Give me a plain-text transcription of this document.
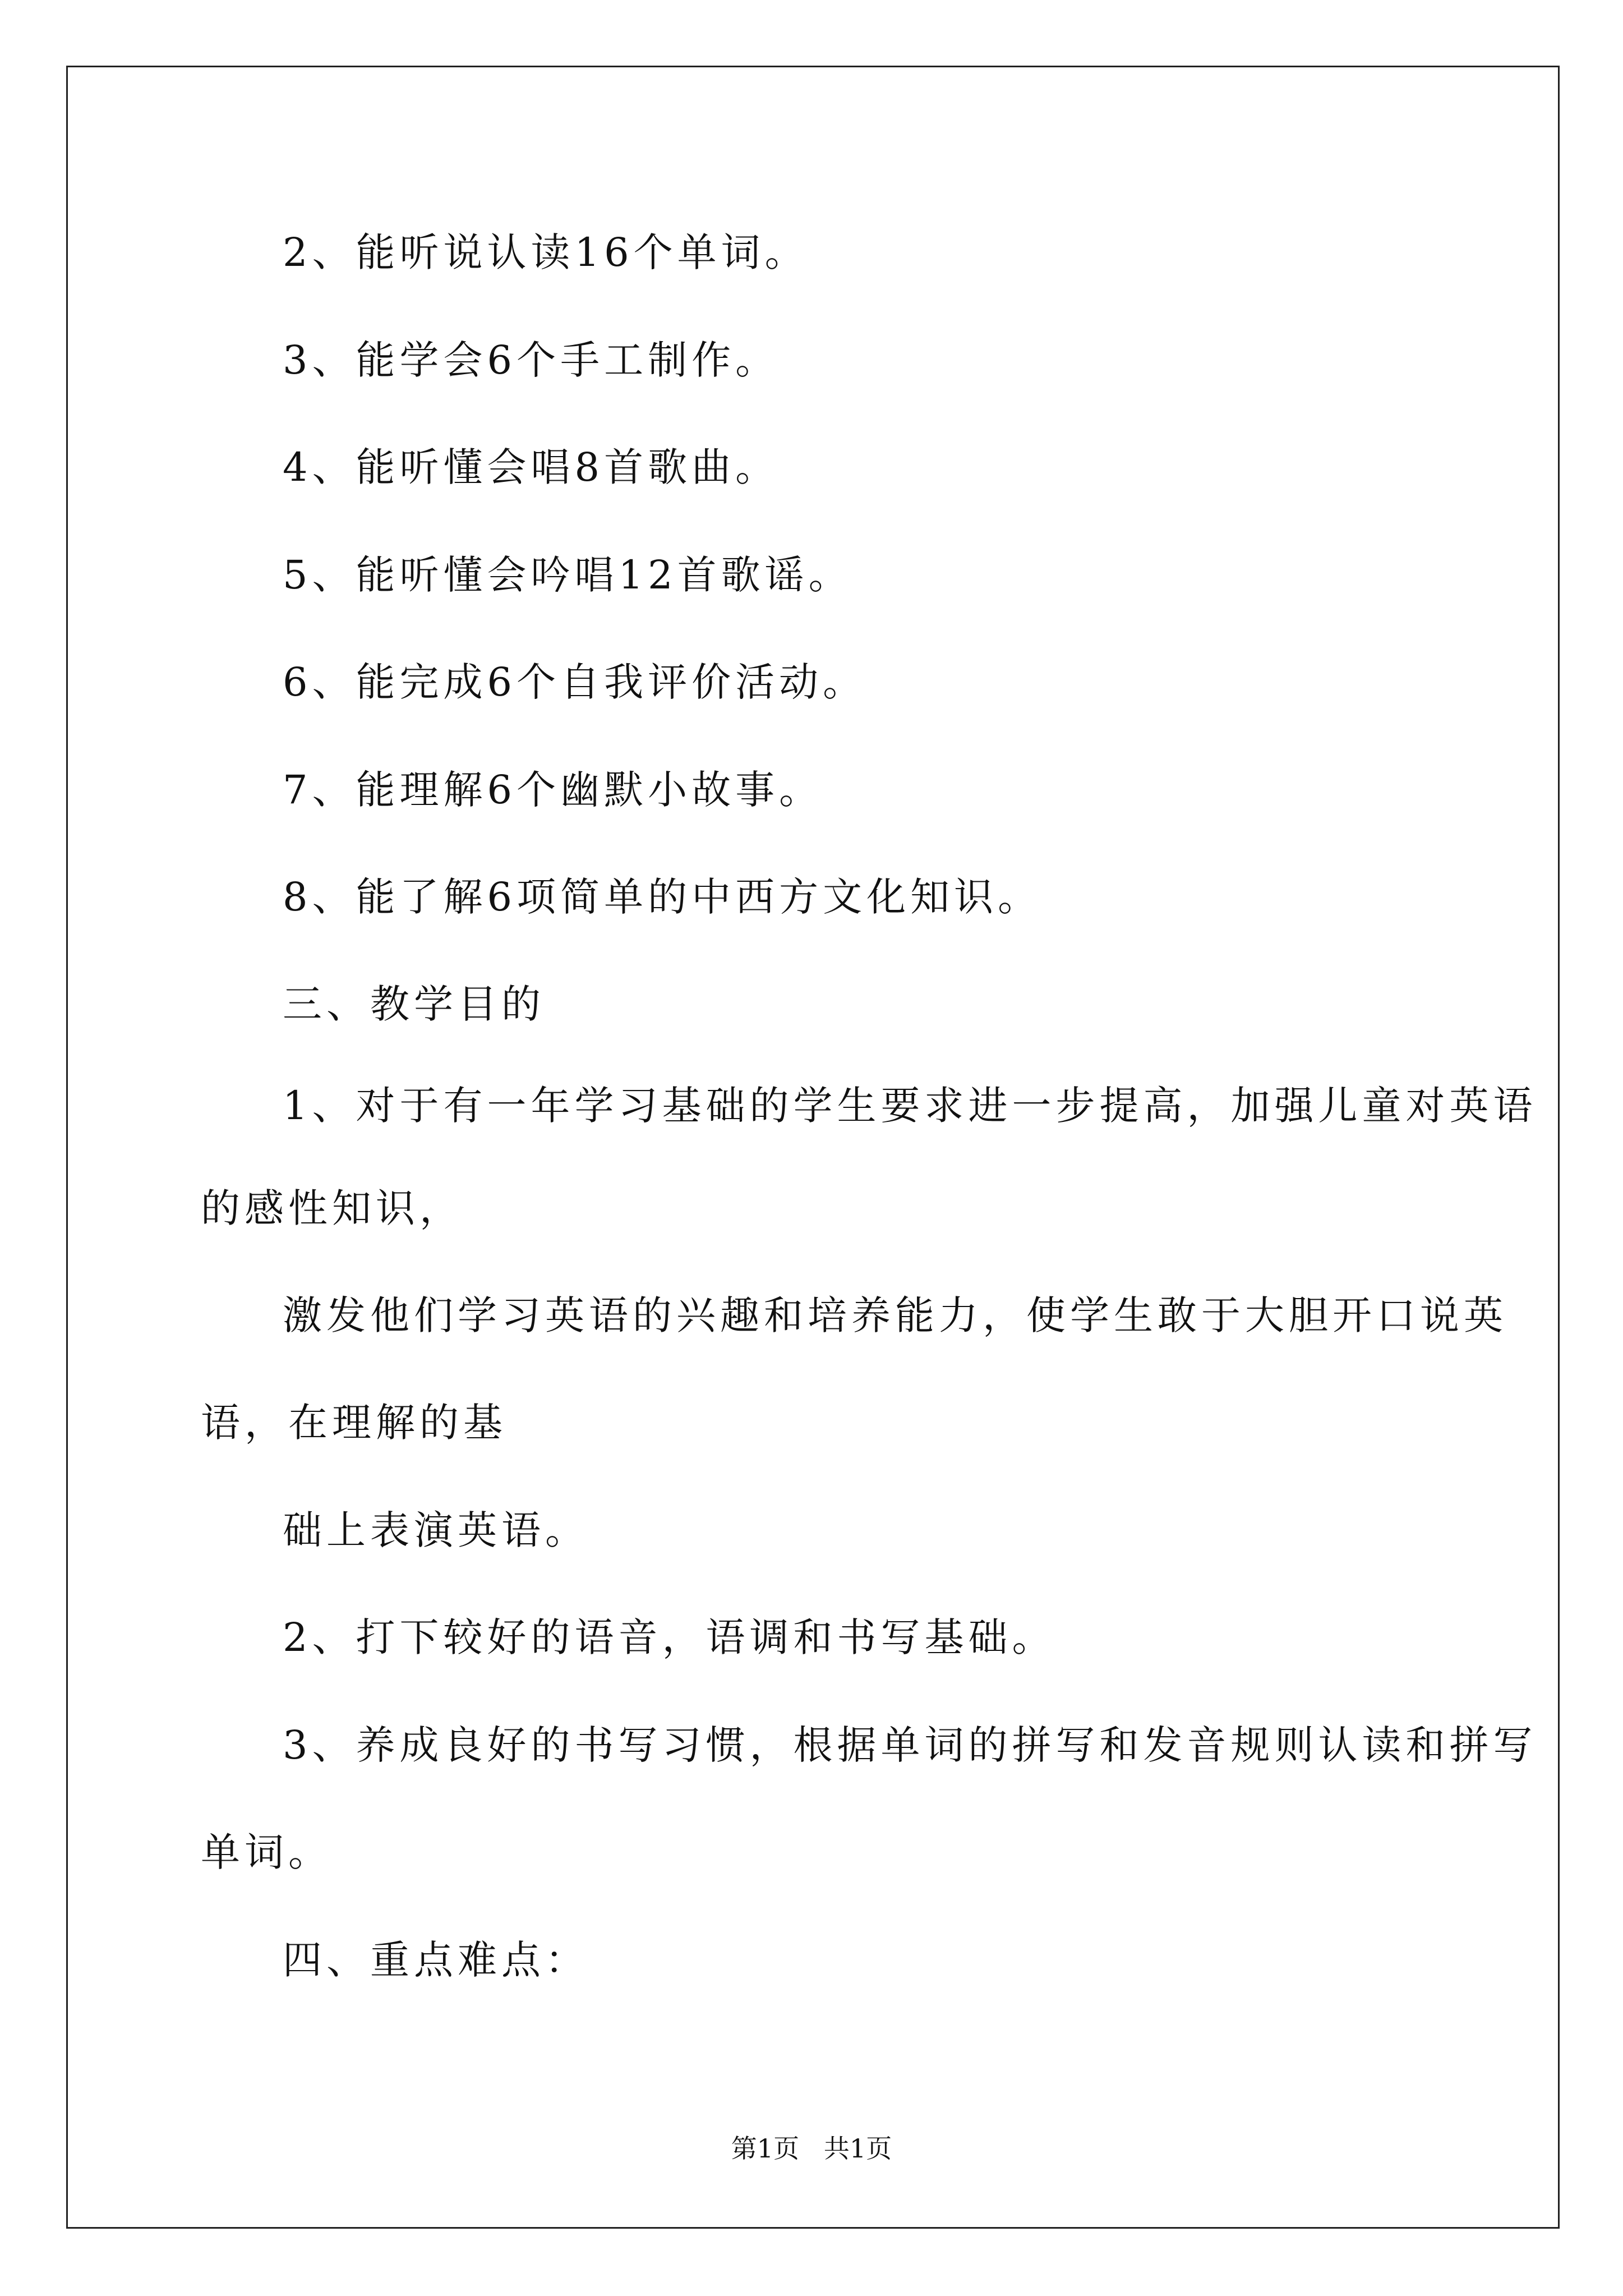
2、能听说认读16个单词。
3、能学会6个手工制作。
4、能听懂会唱8首歌曲。
5、能听懂会吟唱12首歌谣。
6、能完成6个自我评价活动。
7、能理解6个幽默小故事。
8、能了解6项简单的中西方文化知识。
三、教学目的
1、对于有一年学习基础的学生要求进一步提高，加强儿童对英语
的感性知识，
激发他们学习英语的兴趣和培养能力，使学生敢于大胆开口说英
语，在理解的基
础上表演英语。
2、打下较好的语音，语调和书写基础。
3、养成良好的书写习惯，根据单词的拼写和发音规则认读和拼写
单词。
四、重点难点：
第1页   共1页
